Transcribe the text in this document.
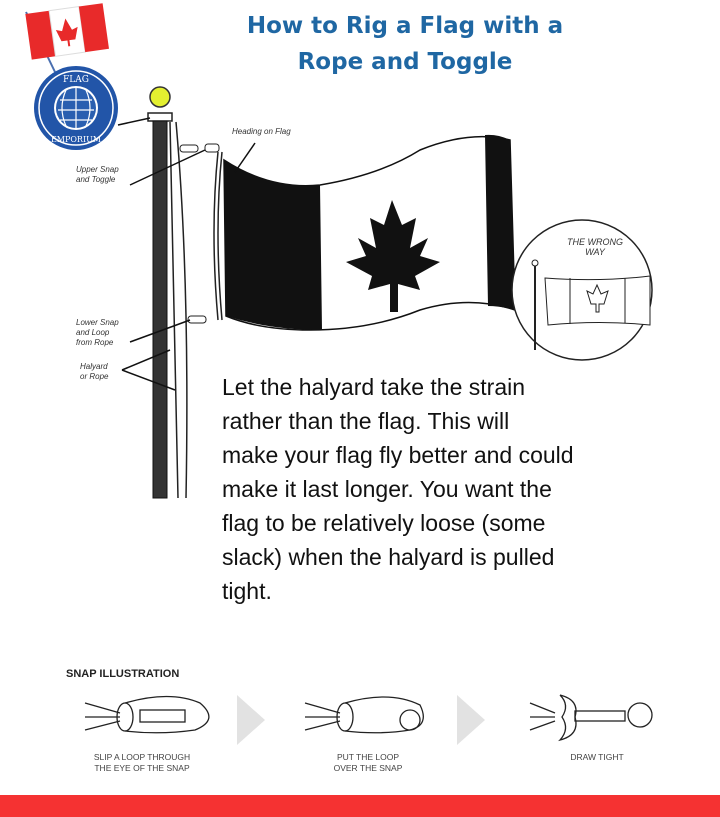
FLAG
EMPORIUM
How to Rig a Flag with a
Rope and Toggle
Heading on Flag
Upper Snap
and Toggle
Lower Snap
and Loop
from Rope
Halyard
or Rope
THE WRONG
WAY
Let the halyard take the strain
rather than the flag. This will
make your flag fly better and could
make it last longer. You want the
flag to be relatively loose (some
slack) when the halyard is pulled
tight.
SNAP ILLUSTRATION
SLIP A LOOP THROUGH
THE EYE OF THE SNAP
PUT THE LOOP
OVER THE SNAP
DRAW TIGHT
